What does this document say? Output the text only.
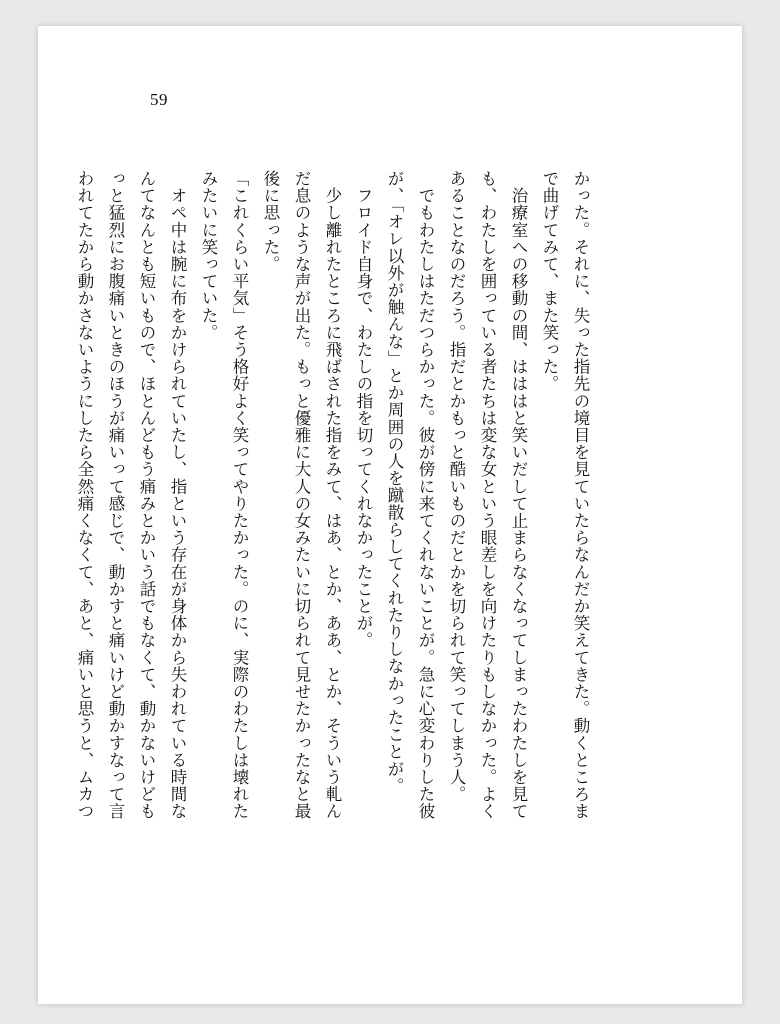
59

かった。それに、失った指先の境目を見ていたらなんだか笑えてきた。動くところま

で曲げてみて、また笑った。

　治療室への移動の間、はははと笑いだして止まらなくなってしまったわたしを見て

も、わたしを囲っている者たちは変な女という眼差しを向けたりもしなかった。よく

あることなのだろう。指だとかもっと酷いものだとかを切られて笑ってしまう人。

　でもわたしはただつらかった。彼が傍に来てくれないことが。急に心変わりした彼

が、「オレ以外が触んな」とか周囲の人を蹴散らしてくれたりしなかったことが。

　フロイド自身で、わたしの指を切ってくれなかったことが。

　少し離れたところに飛ばされた指をみて、はあ、とか、ああ、とか、そういう軋ん

だ息のような声が出た。もっと優雅に大人の女みたいに切られて見せたかったなと最

後に思った。

「これくらい平気」そう格好よく笑ってやりたかった。のに、実際のわたしは壊れた

みたいに笑っていた。

　オペ中は腕に布をかけられていたし、指という存在が身体から失われている時間な

んてなんとも短いもので、ほとんどもう痛みとかいう話でもなくて、動かないけども

っと猛烈にお腹痛いときのほうが痛いって感じで、動かすと痛いけど動かすなって言

われてたから動かさないようにしたら全然痛くなくて、あと、痛いと思うと、ムカつ
